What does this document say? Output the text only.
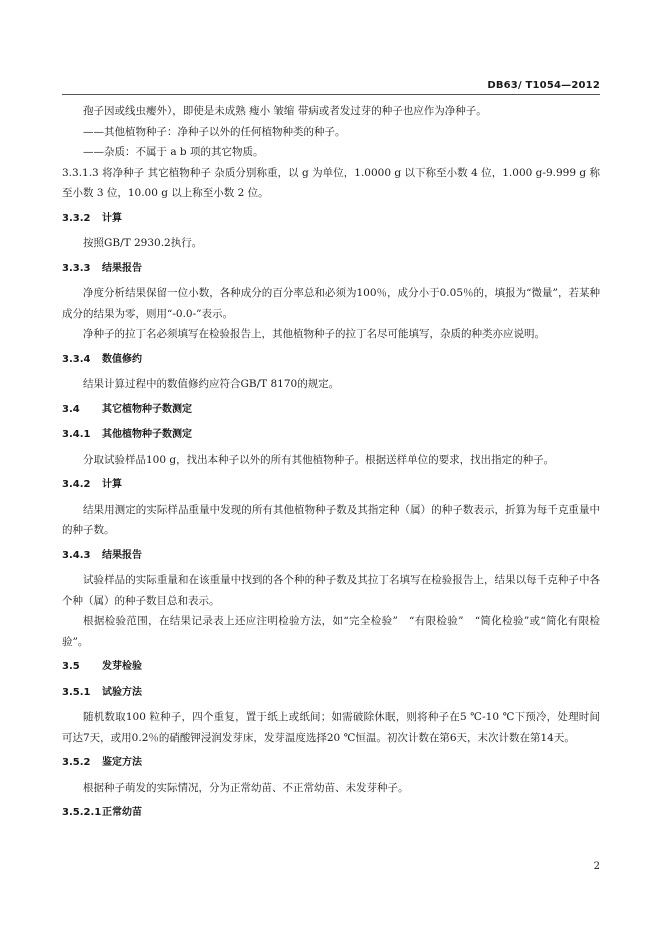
DB63/ T1054—2012

孢子因或线虫瘿外），即使是未成熟 瘦小 皱缩 带病或者发过芽的种子也应作为净种子。

——其他植物种子：净种子以外的任何植物种类的种子。

——杂质：不属于 a b 项的其它物质。

3.3.1.3 将净种子 其它植物种子 杂质分别称重，以 g 为单位，1.0000 g 以下称至小数 4 位，1.000 g-9.999 g 称至小数 3 位，10.00 g 以上称至小数 2 位。

3.3.2 计算

按照GB/T 2930.2执行。

3.3.3 结果报告

净度分析结果保留一位小数，各种成分的百分率总和必须为100％，成分小于0.05％的，填报为“微量”，若某种成分的结果为零，则用“-0.0-”表示。

净种子的拉丁名必须填写在检验报告上，其他植物种子的拉丁名尽可能填写，杂质的种类亦应说明。

3.3.4 数值修约

结果计算过程中的数值修约应符合GB/T 8170的规定。

3.4 其它植物种子数测定
3.4.1 其他植物种子数测定

分取试验样品100 g，找出本种子以外的所有其他植物种子。根据送样单位的要求，找出指定的种子。

3.4.2 计算

结果用测定的实际样品重量中发现的所有其他植物种子数及其指定种（属）的种子数表示，折算为每千克重量中的种子数。

3.4.3 结果报告

试验样品的实际重量和在该重量中找到的各个种的种子数及其拉丁名填写在检验报告上，结果以每千克种子中各个种（属）的种子数目总和表示。

根据检验范围，在结果记录表上还应注明检验方法，如“完全检验”　“有限检验”　“简化检验”或“简化有限检验”。

3.5 发芽检验
3.5.1 试验方法

随机数取100 粒种子，四个重复，置于纸上或纸间；如需破除休眠，则将种子在5 ℃-10 ℃下预冷，处理时间可达7天，或用0.2％的硝酸钾浸润发芽床，发芽温度选择20 ℃恒温。初次计数在第6天，末次计数在第14天。

3.5.2 鉴定方法

根据种子萌发的实际情况，分为正常幼苗、不正常幼苗、未发芽种子。

3.5.2.1正常幼苗
2
